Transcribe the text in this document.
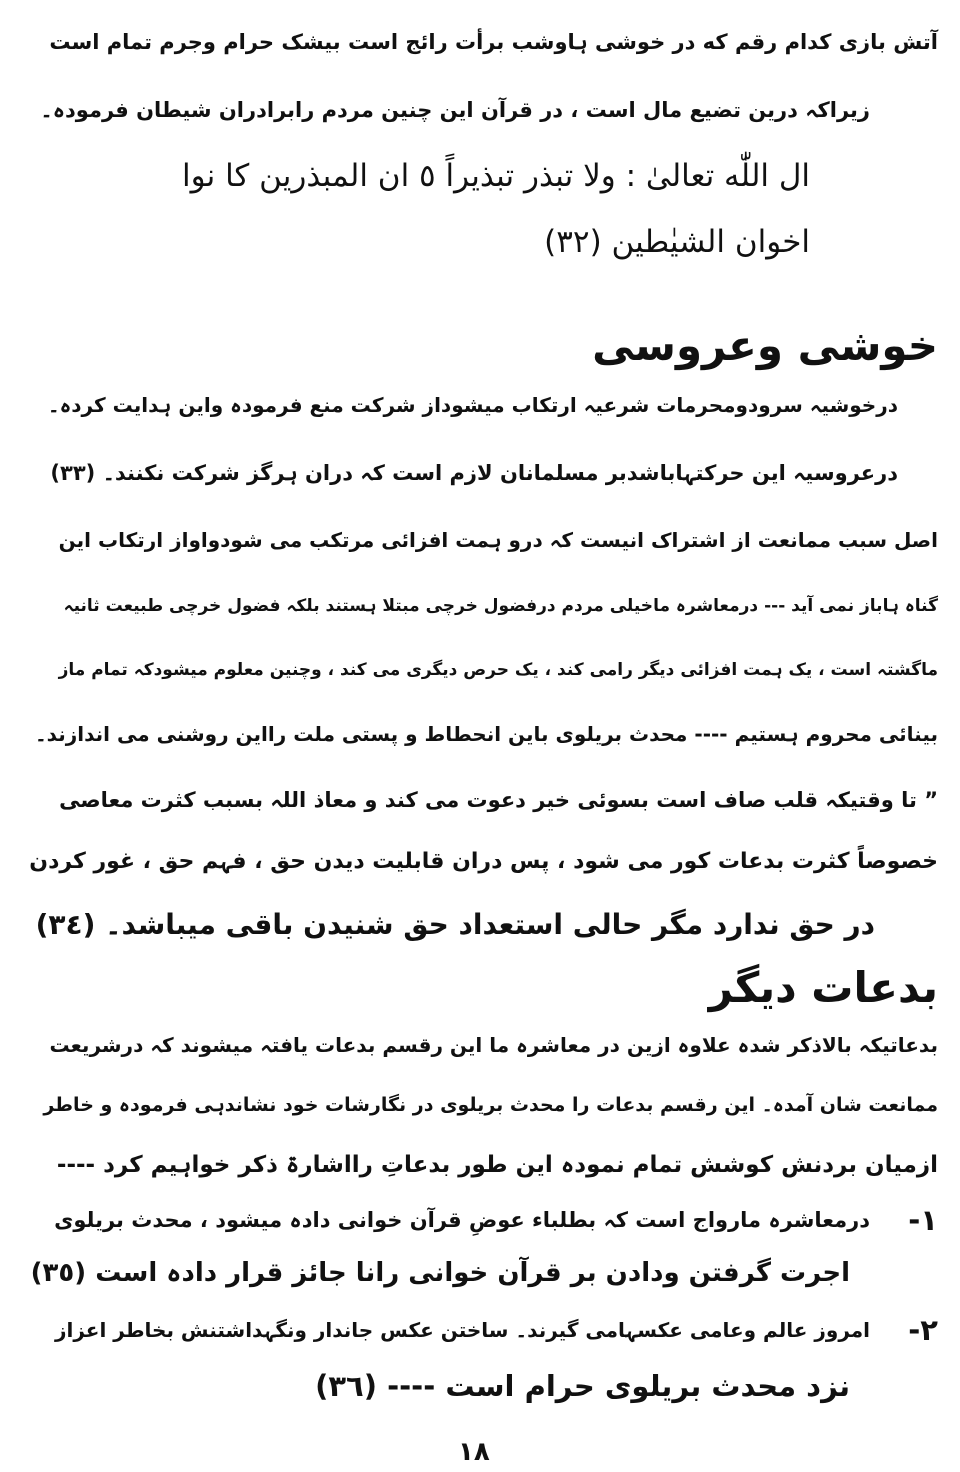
آتش بازی کدام رقم که در خوشی ہاوشب برأت رائج است بیشک حرام وجرم تمام است
زیراکہ درین تضیع مال است ، در قرآن این چنین مردم رابرادران شیطان فرمودہ۔
ال اللّٰه تعالیٰ : ولا تبذر تبذيراً ٥ ان المبذرين كا نوا
اخوان الشيٰطين (٣٢)
خوشی وعروسی
درخوشیہ سرودومحرمات شرعیہ ارتکاب میشوداز شرکت منع فرمودہ واین ہدایت کردہ۔
درعروسیہ این حرکتہاباشدبر مسلمانان لازم است کہ دران ہرگز شرکت نکنند۔ (٣٣)
اصل سبب ممانعت از اشتراک انیست کہ درو ہمت افزائی مرتکب می شودواواز ارتکاب این
گناہ ہاباز نمی آید --- درمعاشرہ ماخیلی مردم درفضول خرچی مبتلا ہستند بلکہ فضول خرچی طبیعت ثانیہ
ماگشتہ است ، یک ہمت افزائی دیگر رامی کند ، یک حرص دیگری می کند ، وچنین معلوم میشودکہ تمام ماز
بینائی محروم ہستیم ---- محدث بریلوی باین انحطاط و پستی ملت رااین روشنی می اندازند۔
” تا وقتیکہ قلب صاف است بسوئی خیر دعوت می کند و معاذ اللہ بسبب کثرت معاصی
خصوصاً کثرت بدعات کور می شود ، پس دران قابلیت دیدن حق ، فہم حق ، غور کردن
در حق ندارد مگر حالی استعداد حق شنیدن باقی میباشد۔ (٣٤)
بدعات دیگر
بدعاتیکہ بالاذکر شدہ علاوہ ازین در معاشرہ ما این رقسم بدعات یافتہ میشوند کہ درشریعت
ممانعت شان آمدہ۔ این رقسم بدعات را محدث بریلوی در نگارشات خود نشاندہی فرمودہ و خاطر
ازمیان بردنش کوشش تمام نمودہ این طور بدعاتِ رااشارۃ ذکر خواہیم کرد ----
۱-
درمعاشرہ مارواج است کہ بطلباء عوضِ قرآن خوانی دادہ میشود ، محدث بریلوی
اجرت گرفتن ودادن بر قرآن خوانی رانا جائز قرار دادہ است (٣٥)
۲-
امروز عالم وعامی عکسہامی گیرند۔ ساختن عکس جاندار ونگہداشتنش بخاطر اعزاز
نزد محدث بریلوی حرام است ---- (٣٦)
١٨
